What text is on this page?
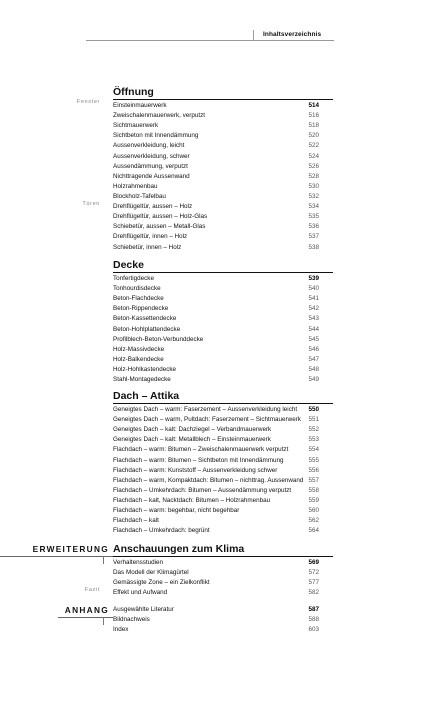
Inhaltsverzeichnis
Öffnung
Einsteinmauerwerk	514
Zweischalenmauerwerk, verputzt	516
Sichtmauerwerk	518
Sichtbeton mit Innendämmung	520
Aussenverkleidung, leicht	522
Aussenverkleidung, schwer	524
Aussendämmung, verputzt	526
Nichttragende Aussenwand	528
Holzrahmenbau	530
Blockholz-Tafelbau	532
Drehflügeltür, aussen – Holz	534
Drehflügeltür, aussen – Holz-Glas	535
Schiebetür, aussen – Metall-Glas	536
Drehflügeltür, innen – Holz	537
Schiebetür, innen – Holz	538
Decke
Tonfertigdecke	539
Tonhourdisdecke	540
Beton-Flachdecke	541
Beton-Rippendecke	542
Beton-Kassettendecke	543
Beton-Hohlplattendecke	544
Profilblech-Beton-Verbunddecke	545
Holz-Massivdecke	546
Holz-Balkendecke	547
Holz-Hohlkastendecke	548
Stahl-Montagedecke	549
Dach – Attika
Geneigtes Dach – warm: Faserzement – Aussenverkleidung leicht 550
Geneigtes Dach – warm, Pultdach: Faserzement – Sichtmauerwerk 551
Geneigtes Dach – kalt: Dachziegel – Verbandmauerwerk	552
Geneigtes Dach – kalt: Metallblech – Einsteinmauerwerk	553
Flachdach – warm: Bitumen – Zweischalenmauerwerk verputzt	554
Flachdach – warm: Bitumen – Sichtbeton mit Innendämmung	555
Flachdach – warm: Kunststoff – Aussenverkleidung schwer	556
Flachdach – warm, Kompaktdach: Bitumen – nichttrag. Aussenwand 557
Flachdach – Umkehrdach: Bitumen – Aussendämmung verputzt	558
Flachdach – kalt, Nacktdach: Bitumen – Holzrahmenbau	559
Flachdach – warm: begehbar, nicht begehbar	560
Flachdach – kalt	562
Flachdach – Umkehrdach: begrünt	564
Anschauungen zum Klima
Verhaltensstudien	569
Das Modell der Klimagürtel	572
Gemässigte Zone – ein Zielkonflikt	577
Effekt und Aufwand	582
Ausgewählte Literatur	587
Bildnachweis	588
Index	603
Fenster
Türen
Fazit
ERWEITERUNG
ANHANG
